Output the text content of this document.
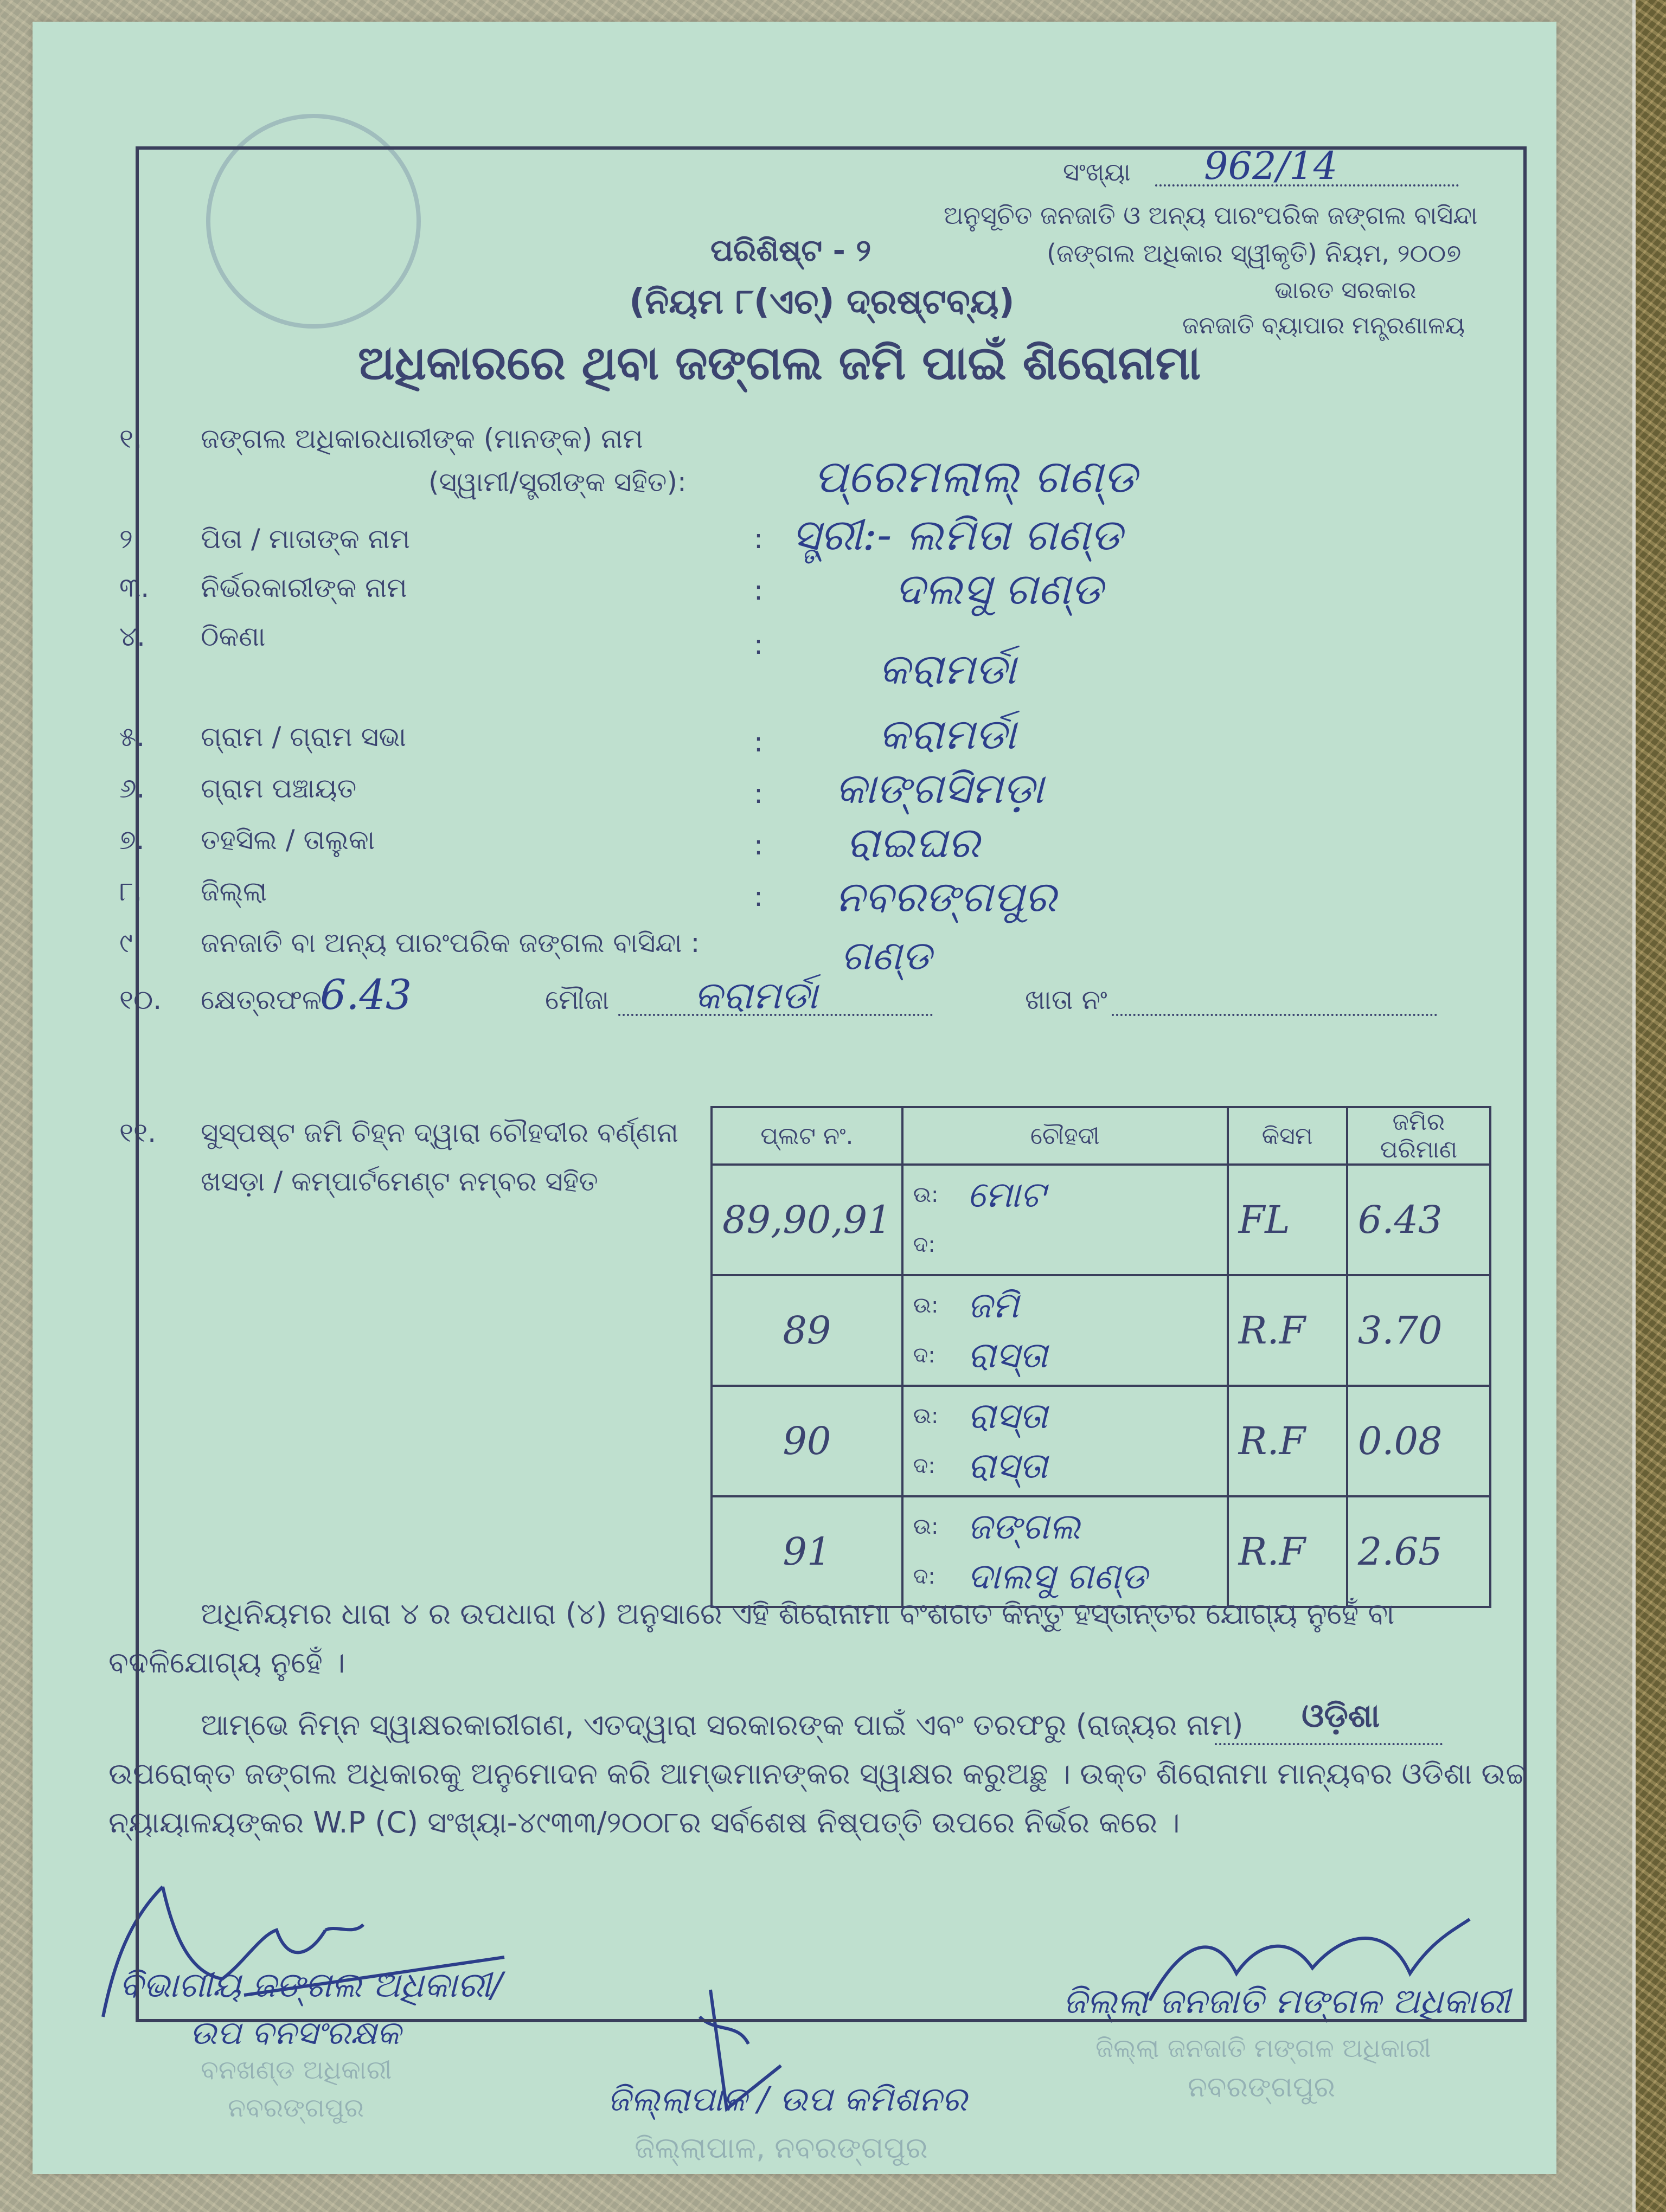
ସଂଖ୍ୟା 962/14
ଅନୁସୂଚିତ ଜନଜାତି ଓ ଅନ୍ୟ ପାରଂପରିକ ଜଙ୍ଗଲ ବାସିନ୍ଦା
(ଜଙ୍ଗଲ ଅଧିକାର ସ୍ୱୀକୃତି) ନିୟମ, ୨୦୦୭
ଭାରତ ସରକାର
ଜନଜାତି ବ୍ୟାପାର ମନ୍ତ୍ରଣାଳୟ
ପରିଶିଷ୍ଟ - ୨
(ନିୟମ ୮(ଏଚ୍) ଦ୍ରଷ୍ଟବ୍ୟ)
ଅଧିକାରରେ ଥିବା ଜଙ୍ଗଲ ଜମି ପାଇଁ ଶିରୋନାମା
୧. ଜଙ୍ଗଲ ଅଧିକାରଧାରୀଙ୍କ (ମାନଙ୍କ) ନାମ
(ସ୍ୱାମୀ/ସ୍ତ୍ରୀଙ୍କ ସହିତ):	ପ୍ରେମଲାଲ୍ ଗଣ୍ଡ
୨. ପିତା / ମାତାଙ୍କ ନାମ	: ସ୍ତ୍ରୀ:- ଲମିତା ଗଣ୍ଡ
୩. ନିର୍ଭରକାରୀଙ୍କ ନାମ	:	ଦଲସୁ ଗଣ୍ଡ
୪. ଠିକଣା	:
କରାମର୍ଡା
୫. ଗ୍ରାମ / ଗ୍ରାମ ସଭା	:	କରାମର୍ଡା
୬. ଗ୍ରାମ ପଞ୍ଚାୟତ	: କାଙ୍ଗସିମଡ଼ା
୭. ତହସିଲ / ତାଲୁକା	: ରାଇଘର
୮. ଜିଲ୍ଲା	: ନବରଙ୍ଗପୁର
୯. ଜନଜାତି ବା ଅନ୍ୟ ପାରଂପରିକ ଜଙ୍ଗଲ ବାସିନ୍ଦା :	ଗଣ୍ଡ
୧୦. କ୍ଷେତ୍ରଫଳ
6.43	ମୌଜା କରାମର୍ଡା	ଖାତା ନଂ
୧୧. ସୁସ୍ପଷ୍ଟ ଜମି ଚିହ୍ନ ଦ୍ୱାରା ଚୌହଦୀର ବର୍ଣ୍ଣନା
ଖସଡ଼ା / କମ୍ପାର୍ଟମେଣ୍ଟ ନମ୍ବର ସହିତ
ପ୍ଲଟ ନଂ.	ଚୌହଦୀ	କିସମ	ଜମିର ପରିମାଣ
89,90,91	ଉ: ମୋଟ
ଦ:	FL	6.43
89	ଉ: ଜମି
ଦ: ରାସ୍ତା	R.F	3.70
90	ଉ: ରାସ୍ତା
ଦ: ରାସ୍ତା	R.F	0.08
91	ଉ: ଜଙ୍ଗଲ
ଦ: ଦାଲସୁ ଗଣ୍ଡ	R.F	2.65
ଅଧିନିୟମର ଧାରା ୪ ର ଉପଧାରା (୪) ଅନୁସାରେ ଏହି ଶିରୋନାମା ବଂଶଗତ କିନ୍ତୁ ହସ୍ତାନ୍ତର ଯୋଗ୍ୟ ନୁହେଁ ବା
ବଦଳିଯୋଗ୍ୟ ନୁହେଁ ।
ଆମ୍ଭେ ନିମ୍ନ ସ୍ୱାକ୍ଷରକାରୀଗଣ, ଏତଦ୍ୱାରା ସରକାରଙ୍କ ପାଇଁ ଏବଂ ତରଫରୁ (ରାଜ୍ୟର ନାମ) ଓଡ଼ିଶା
ଉପରୋକ୍ତ ଜଙ୍ଗଲ ଅଧିକାରକୁ ଅନୁମୋଦନ କରି ଆମ୍ଭମାନଙ୍କର ସ୍ୱାକ୍ଷର କରୁଅଛୁ । ଉକ୍ତ ଶିରୋନାମା ମାନ୍ୟବର ଓଡିଶା ଉଚ୍ଚ
ନ୍ୟାୟାଳୟଙ୍କର W.P (C) ସଂଖ୍ୟା-୪୯୩୩/୨୦୦୮ର ସର୍ବଶେଷ ନିଷ୍ପତ୍ତି ଉପରେ ନିର୍ଭର କରେ ।
ବିଭାଗୀୟ ଜଙ୍ଗଲ ଅଧିକାରୀ/
ଉପ ବନସଂରକ୍ଷକ
ବନଖଣ୍ଡ ଅଧିକାରୀ
ନବରଙ୍ଗପୁର	ଜିଲ୍ଲାପାଳ / ଉପ କମିଶନର
ଜିଲ୍ଲାପାଳ, ନବରଙ୍ଗପୁର
ଜିଲ୍ଲା ଜନଜାତି ମଙ୍ଗଳ ଅଧିକାରୀ
ଜିଲ୍ଲା ଜନଜାତି ମଙ୍ଗଳ ଅଧିକାରୀ
ନବରଙ୍ଗପୁର
